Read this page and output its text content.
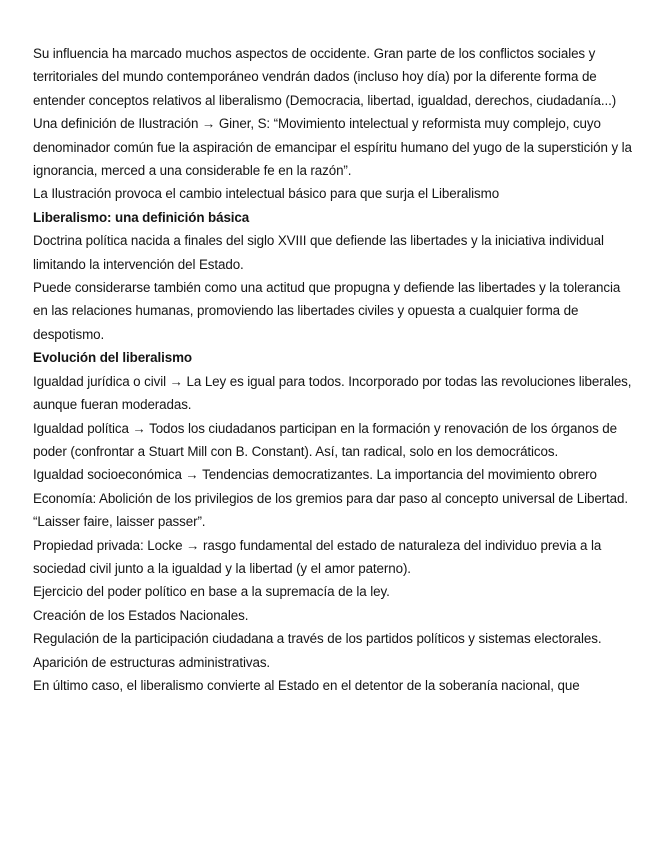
Su influencia ha marcado muchos aspectos de occidente. Gran parte de los conflictos sociales y territoriales del mundo contemporáneo vendrán dados (incluso hoy día) por la diferente forma de entender conceptos relativos al liberalismo (Democracia, libertad, igualdad, derechos, ciudadanía...)

Una definición de Ilustración → Giner, S: “Movimiento intelectual y reformista muy complejo, cuyo denominador común fue la aspiración de emancipar el espíritu humano del yugo de la superstición y la ignorancia, merced a una considerable fe en la razón”.

La Ilustración provoca el cambio intelectual básico para que surja el Liberalismo

Liberalismo: una definición básica

Doctrina política nacida a finales del siglo XVIII que defiende las libertades y la iniciativa individual limitando la intervención del Estado.

Puede considerarse también como una actitud que propugna y defiende las libertades y la tolerancia en las relaciones humanas, promoviendo las libertades civiles y opuesta a cualquier forma de despotismo.

Evolución del liberalismo

Igualdad jurídica o civil → La Ley es igual para todos. Incorporado por todas las revoluciones liberales, aunque fueran moderadas.

Igualdad política → Todos los ciudadanos participan en la formación y renovación de los órganos de poder (confrontar a Stuart Mill con B. Constant). Así, tan radical, solo en los democráticos.

Igualdad socioeconómica → Tendencias democratizantes. La importancia del movimiento obrero

Economía: Abolición de los privilegios de los gremios para dar paso al concepto universal de Libertad. “Laisser faire, laisser passer”.

Propiedad privada: Locke → rasgo fundamental del estado de naturaleza del individuo previa a la sociedad civil junto a la igualdad y la libertad (y el amor paterno).

Ejercicio del poder político en base a la supremacía de la ley.

Creación de los Estados Nacionales.

Regulación de la participación ciudadana a través de los partidos políticos y sistemas electorales.

Aparición de estructuras administrativas.

En último caso, el liberalismo convierte al Estado en el detentor de la soberanía nacional, que
